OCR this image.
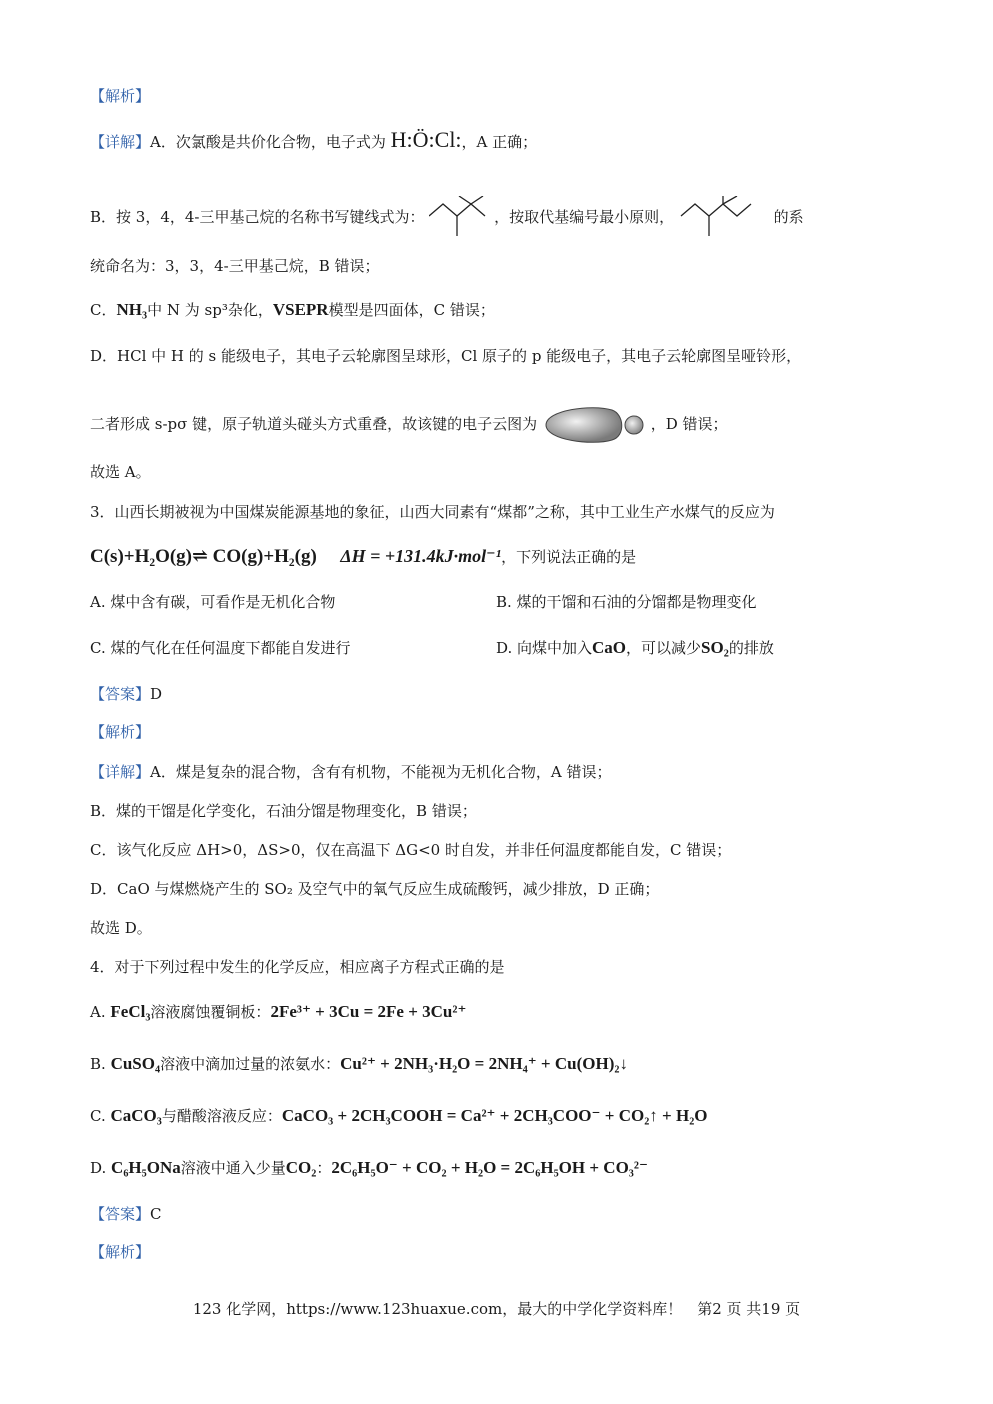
【解析】
【详解】A．次氯酸是共价化合物，电子式为 H:Ö:Cl:，A 正确；
B．按 3，4，4-三甲基己烷的名称书写键线式为：	，按取代基编号最小原则，	的系
统命名为：3，3，4-三甲基己烷，B 错误；
C．NH₃中 N 为 sp³杂化，VSEPR模型是四面体，C 错误；
D．HCl 中 H 的 s 能级电子，其电子云轮廓图呈球形，Cl 原子的 p 能级电子，其电子云轮廓图呈哑铃形，
二者形成 s-pσ 键，原子轨道头碰头方式重叠，故该键的电子云图为	，D 错误；
故选 A。
3．山西长期被视为中国煤炭能源基地的象征，山西大同素有“煤都”之称，其中工业生产水煤气的反应为
C(s)+H₂O(g)⇌ CO(g)+H₂(g) ΔH = +131.4kJ·mol⁻¹，下列说法正确的是
A. 煤中含有碳，可看作是无机化合物	B. 煤的干馏和石油的分馏都是物理变化
C. 煤的气化在任何温度下都能自发进行	D. 向煤中加入CaO，可以减少SO₂的排放
【答案】D
【解析】
【详解】A．煤是复杂的混合物，含有有机物，不能视为无机化合物，A 错误；
B．煤的干馏是化学变化，石油分馏是物理变化，B 错误；
C．该气化反应 ΔH>0，ΔS>0，仅在高温下 ΔG<0 时自发，并非任何温度都能自发，C 错误；
D．CaO 与煤燃烧产生的 SO₂ 及空气中的氧气反应生成硫酸钙，减少排放，D 正确；
故选 D。
4．对于下列过程中发生的化学反应，相应离子方程式正确的是
A. FeCl₃溶液腐蚀覆铜板：2Fe³⁺ + 3Cu = 2Fe + 3Cu²⁺
B. CuSO₄溶液中滴加过量的浓氨水：Cu²⁺ + 2NH₃·H₂O = 2NH₄⁺ + Cu(OH)₂↓
C. CaCO₃与醋酸溶液反应：CaCO₃ + 2CH₃COOH = Ca²⁺ + 2CH₃COO⁻ + CO₂↑ + H₂O
D. C₆H₅ONa溶液中通入少量CO₂：2C₆H₅O⁻ + CO₂ + H₂O = 2C₆H₅OH + CO₃²⁻
【答案】C
【解析】
123 化学网，https://www.123huaxue.com，最大的中学化学资料库！　第2 页 共19 页
